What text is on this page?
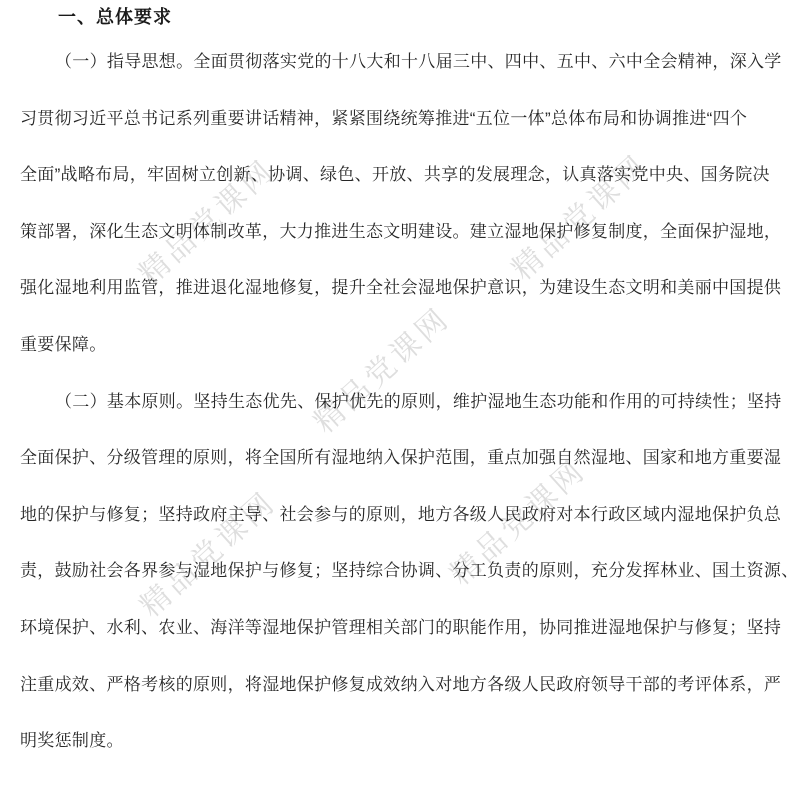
精品党课网	精品党课网
精品党课网
精品党课网	精品党课网
一、总体要求
（一）指导思想。全面贯彻落实党的十八大和十八届三中、四中、五中、六中全会精神，深入学
习贯彻习近平总书记系列重要讲话精神，紧紧围绕统筹推进“五位一体”总体布局和协调推进“四个
全面”战略布局，牢固树立创新、协调、绿色、开放、共享的发展理念，认真落实党中央、国务院决
策部署，深化生态文明体制改革，大力推进生态文明建设。建立湿地保护修复制度，全面保护湿地，
强化湿地利用监管，推进退化湿地修复，提升全社会湿地保护意识，为建设生态文明和美丽中国提供
重要保障。
（二）基本原则。坚持生态优先、保护优先的原则，维护湿地生态功能和作用的可持续性；坚持
全面保护、分级管理的原则，将全国所有湿地纳入保护范围，重点加强自然湿地、国家和地方重要湿
地的保护与修复；坚持政府主导、社会参与的原则，地方各级人民政府对本行政区域内湿地保护负总
责，鼓励社会各界参与湿地保护与修复；坚持综合协调、分工负责的原则，充分发挥林业、国土资源、
环境保护、水利、农业、海洋等湿地保护管理相关部门的职能作用，协同推进湿地保护与修复；坚持
注重成效、严格考核的原则，将湿地保护修复成效纳入对地方各级人民政府领导干部的考评体系，严
明奖惩制度。
